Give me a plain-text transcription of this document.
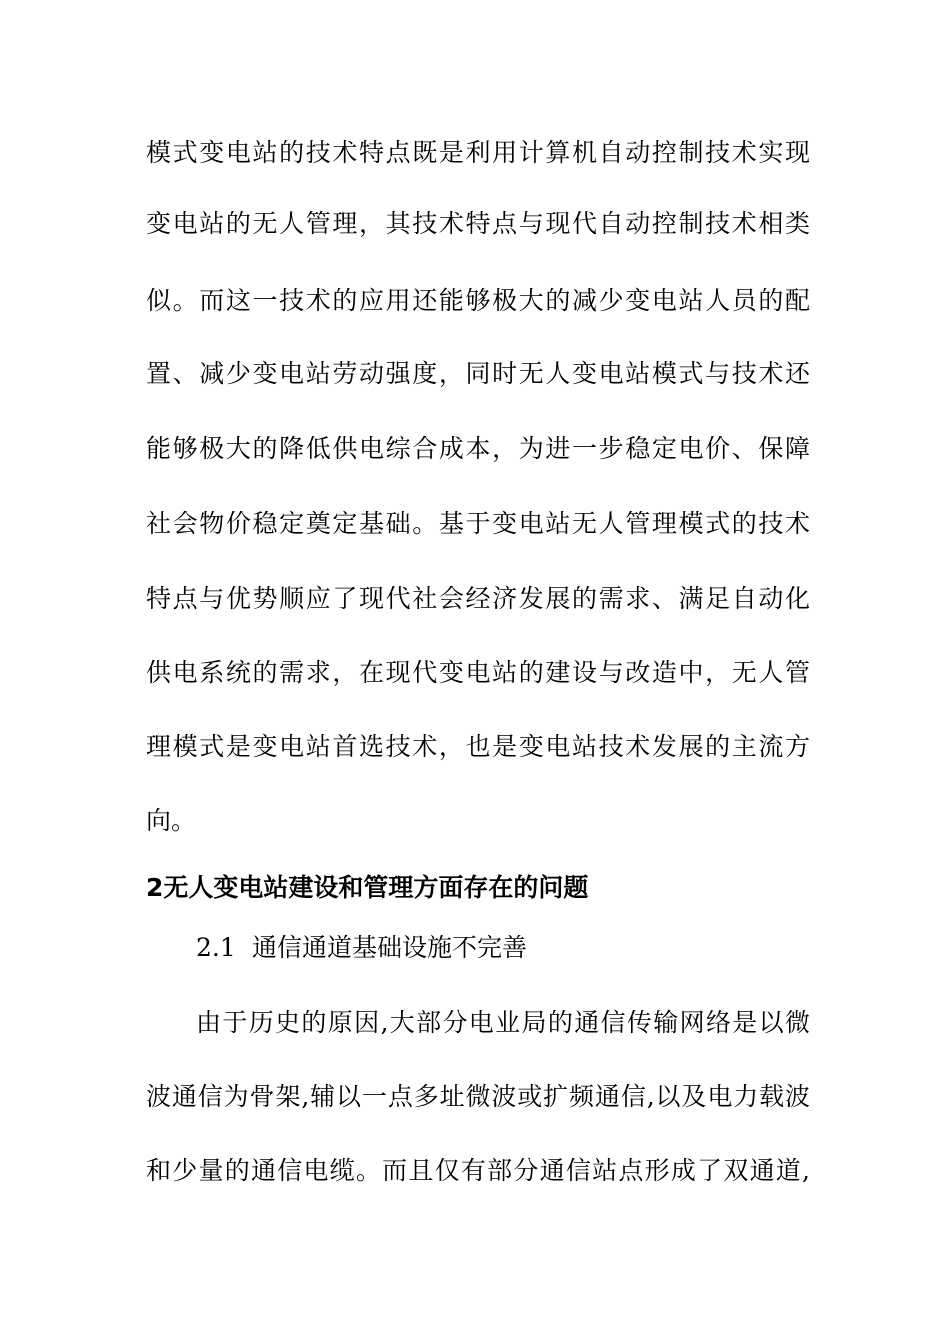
模式变电站的技术特点既是利用计算机自动控制技术实现
变电站的无人管理，其技术特点与现代自动控制技术相类
似。而这一技术的应用还能够极大的减少变电站人员的配
置、减少变电站劳动强度，同时无人变电站模式与技术还
能够极大的降低供电综合成本，为进一步稳定电价、保障
社会物价稳定奠定基础。基于变电站无人管理模式的技术
特点与优势顺应了现代社会经济发展的需求、满足自动化
供电系统的需求，在现代变电站的建设与改造中，无人管
理模式是变电站首选技术，也是变电站技术发展的主流方
向。
2无人变电站建设和管理方面存在的问题
2.1 通信通道基础设施不完善
由于历史的原因,大部分电业局的通信传输网络是以微
波通信为骨架,辅以一点多址微波或扩频通信,以及电力载波
和少量的通信电缆。而且仅有部分通信站点形成了双通道,
